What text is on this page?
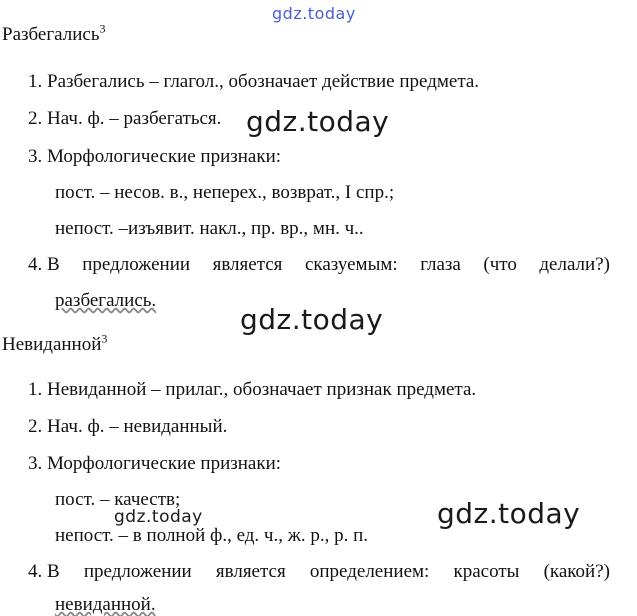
gdz.today
Разбегались$^3$
1. Разбегались – глагол., обозначает действие предмета.
2. Нач. ф. – разбегаться. gdz.today
3. Морфологические признаки:
пост. – несов. в., неперех., возврат., I спр.;
непост. –изъявит. накл., пр. вр., мн. ч..
4. В предложении является сказуемым: глаза (что делали?)
разбегались.
gdz.today
Невиданной$^3$
1. Невиданной – прилаг., обозначает признак предмета.
2. Нач. ф. – невиданный.
3. Морфологические признаки:
пост. – качеств;
gdz.today
непост. – в полной ф., ед. ч., ж. р., р. п.
gdz.today
4. В предложении является определением: красоты (какой?)
невиданной.
